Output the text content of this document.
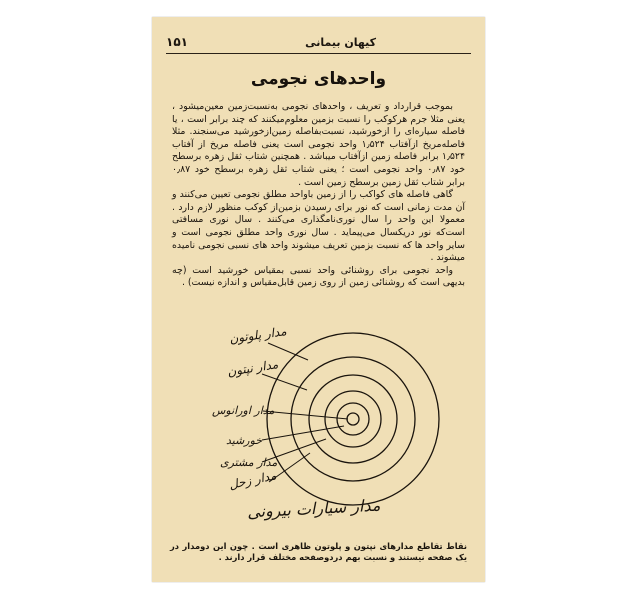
کیهان بیمانی
۱۵۱
واحدهای نجومی

بموجب قرارداد و تعریف ، واحدهای نجومی به‌نسبت‌زمین معین‌میشود ، یعنی مثلا جرم هرکوکب را نسبت بزمین معلوم‌میکنند که چند برابر است ، یا فاصله سیاره‌ای را ازخورشید، نسبت‌بفاصله زمین‌ازخورشید می‌سنجند. مثلا فاصله‌مریخ ازآفتاب ۱٫۵۲۴ واحد نجومی است یعنی فاصله مریخ از آفتاب ۱٫۵۲۴ برابر فاصله زمین ازآفتاب میباشد . همچنین شتاب ثقل زهره برسطح خود ۰٫۸۷ واحد نجومی است ؛ یعنی شتاب ثقل زهره برسطح خود ۰٫۸۷ برابر شتاب ثقل زمین برسطح زمین است .

گاهی فاصله های کواکب را از زمین باواحد مطلق نجومی تعیین می‌کنند و آن مدت زمانی است که نور برای رسیدن بزمین‌از کوکب منظور لازم دارد . معمولا این واحد را سال نوری‌نامگذاری می‌کنند . سال نوری مسافتی است‌که نور دریکسال می‌پیماید . سال نوری واحد مطلق نجومی است و سایر واحد ها که نسبت بزمین تعریف میشوند واحد های نسبی نجومی نامیده میشوند .

واحد نجومی برای روشنائی واحد نسبی بمقیاس خورشید است (چه بدیهی است که روشنائی زمین از روی زمین قابل‌مقیاس و اندازه نیست) .

مدار پلوتون
مدار نپتون
مدار اورانوس
خورشید
مدار مشتری
مدار زحل
مدار سیارات بیرونی
نقاط تقاطع مدارهای نپتون و پلوتون ظاهری است . چون این دومدار در یک صفحه نیستند و نسبت بهم دردوصفحه مختلف قرار دارند .
